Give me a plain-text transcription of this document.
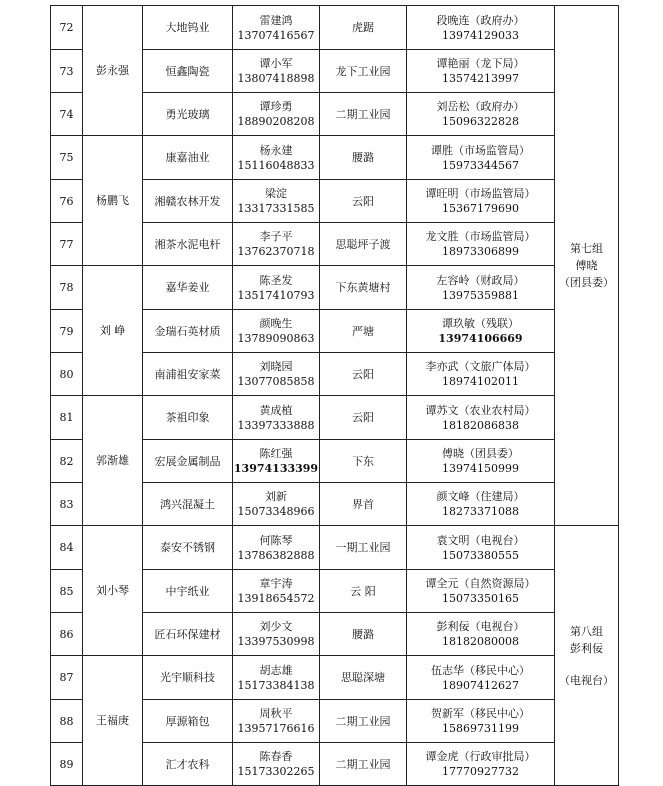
72	彭永强	大地钨业	雷建鸿
13707416567	虎踞	段晚连（政府办）
13974129033	第七组
傅晓
（团县委）

73		恒鑫陶瓷	谭小军
13807418898	龙下工业园	谭艳丽（龙下局）
13574213997	

74		勇光玻璃	谭珍勇
18890208208	二期工业园	刘岳松（政府办）
15096322828	

75	杨鹏飞	康嘉油业	杨永建
15116048833	腰潞	谭胜（市场监管局）
15973344567	

76		湘赣农林开发	梁淀
13317331585	云阳	谭旺明（市场监管局）
15367179690	

77		湘茶水泥电杆	李子平
13762370718	思聪坪子渡	龙文胜（市场监管局）
18973306899	

78	刘 峥	嘉华姜业	陈圣发
13517410793	下东黄塘村	左容岭（财政局）
13975359881	

79		金瑞石英材质	颜晚生
13789090863	严塘	谭玖敏（残联）
13974106669	

80		南浦祖安家菜	刘晓园
13077085858	云阳	李亦武（文旅广体局）
18974102011	

81	郭渐雄	茶祖印象	黄成植
13397333888	云阳	谭苏文（农业农村局）
18182086838	

82		宏展金属制品	陈红强
13974133399	下东	傅晓（团县委）
13974150999	

83		鸿兴混凝土	刘新
15073348966	界首	颜文峰（住建局）
18273371088	

84	刘小琴	泰安不锈钢	何陈琴
13786382888	一期工业园	袁文明（电视台）
15073380555	第八组
彭利佞
（电视台）

85		中宇纸业	章宇涛
13918654572	云 阳	谭全元（自然资源局）
15073350165	

86		匠石环保建材	刘少文
13397530998	腰潞	彭利佞（电视台）
18182080008	

87	王福庚	光宇顺科技	胡志雄
15173384138	思聪深塘	伍志华（移民中心）
18907412627	

88		厚源箱包	周秋平
13957176616	二期工业园	贺新军（移民中心）
15869731199	

89		汇才农科	陈春香
15173302265	二期工业园	谭金虎（行政审批局）
17770927732	
